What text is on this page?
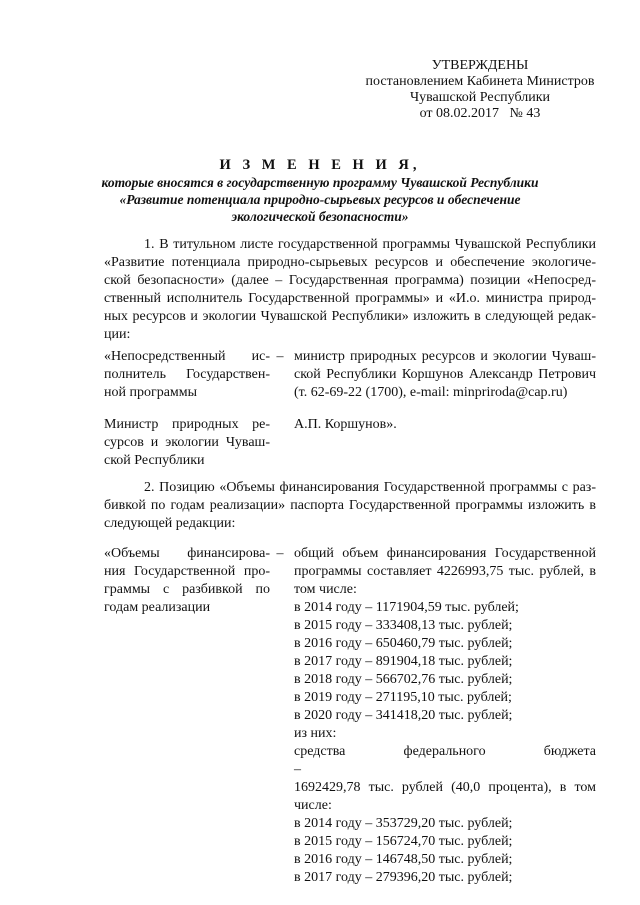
УТВЕРЖДЕНЫ
постановлением Кабинета Министров
Чувашской Республики
от 08.02.2017   № 43
И З М Е Н Е Н И Я,
которые вносятся в государственную программу Чувашской Республики
«Развитие потенциала природно-сырьевых ресурсов и обеспечение
экологической безопасности»
1. В титульном листе государственной программы Чувашской Республики
«Развитие потенциала природно-сырьевых ресурсов и обеспечение экологиче-
ской безопасности» (далее – Государственная программа) позиции «Непосред-
ственный исполнитель Государственной программы» и «И.о. министра природ-
ных ресурсов и экологии Чувашской Республики» изложить в следующей редак-
ции:
«Непосредственный ис-
полнитель Государствен-
ной программы
– министр природных ресурсов и экологии Чуваш-
ской Республики Коршунов Александр Петрович
(т. 62-69-22 (1700), e-mail: minpriroda@cap.ru)
Министр природных ре-
сурсов и экологии Чуваш-
ской Республики
А.П. Коршунов».
2. Позицию «Объемы финансирования Государственной программы с раз-
бивкой по годам реализации» паспорта Государственной программы изложить в
следующей редакции:
«Объемы финансирова-
ния Государственной про-
граммы с разбивкой по
годам реализации
– общий объем финансирования Государственной
программы составляет 4226993,75 тыс. рублей, в
том числе:
в 2014 году – 1171904,59 тыс. рублей;
в 2015 году – 333408,13 тыс. рублей;
в 2016 году – 650460,79 тыс. рублей;
в 2017 году – 891904,18 тыс. рублей;
в 2018 году – 566702,76 тыс. рублей;
в 2019 году – 271195,10 тыс. рублей;
в 2020 году – 341418,20 тыс. рублей;
из них:
средства федерального бюджета –
1692429,78 тыс. рублей (40,0 процента), в том
числе:
в 2014 году – 353729,20 тыс. рублей;
в 2015 году – 156724,70 тыс. рублей;
в 2016 году – 146748,50 тыс. рублей;
в 2017 году – 279396,20 тыс. рублей;
